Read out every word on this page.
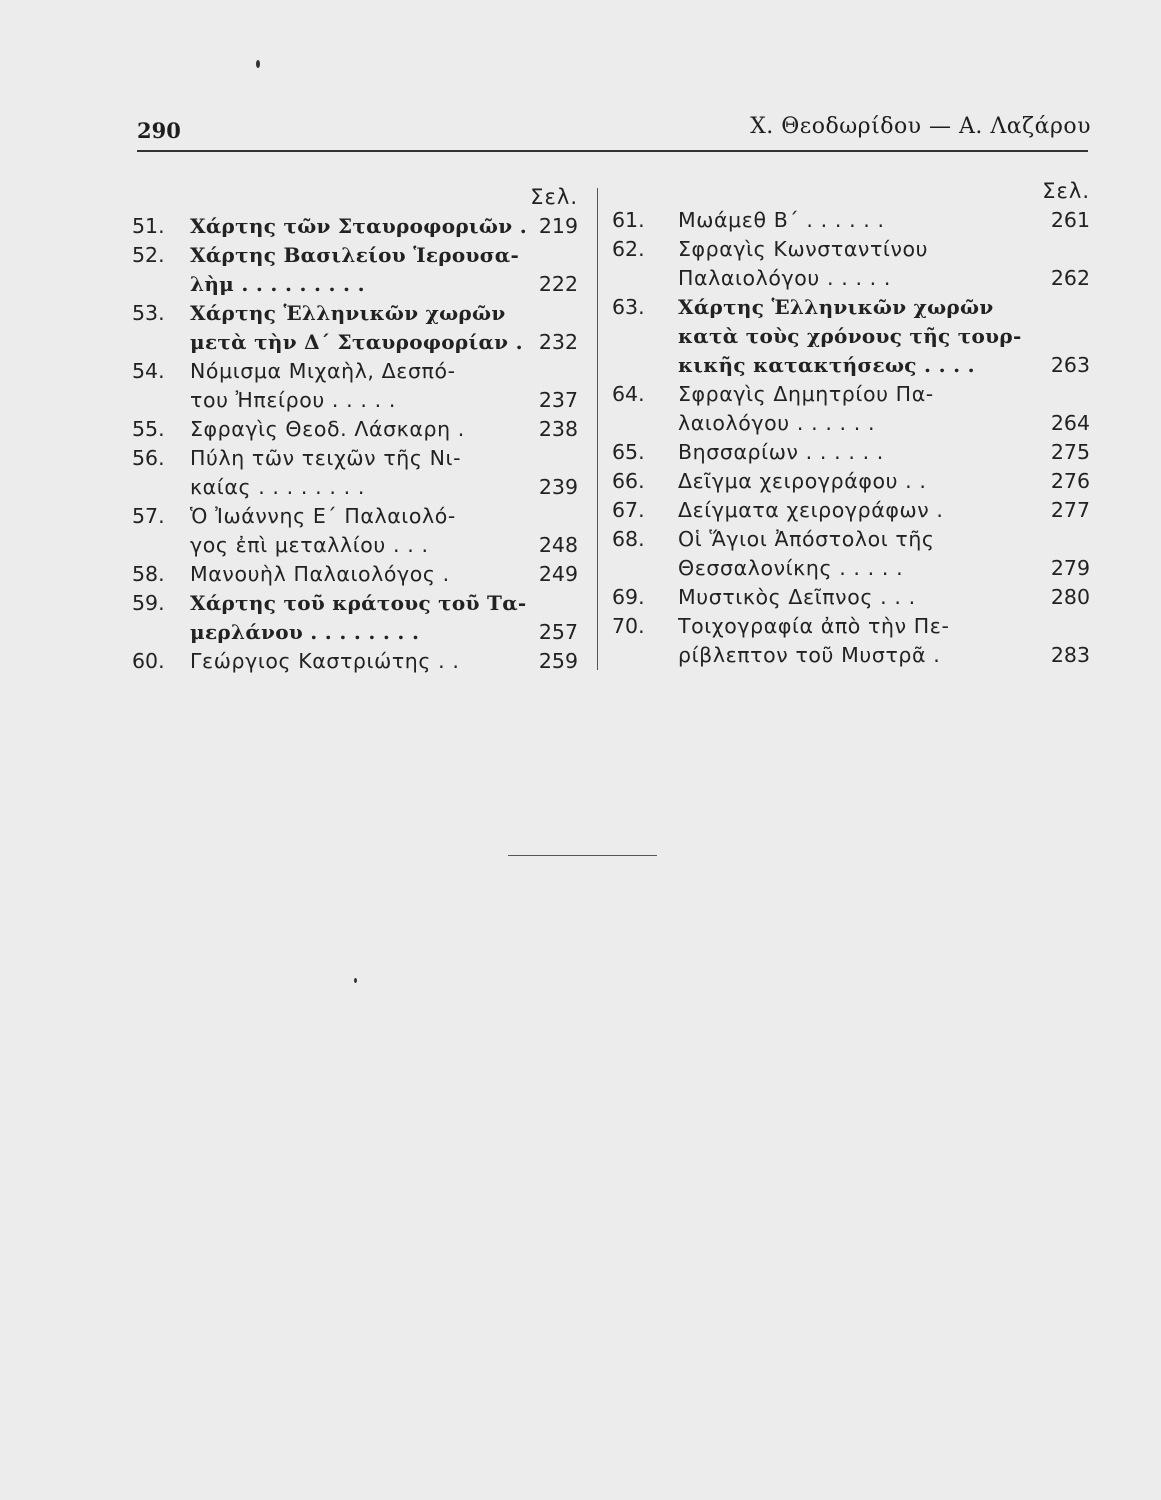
290	Χ. Θεοδωρίδου — Α. Λαζάρου
Σελ.
51. Χάρτης τῶν Σταυροφοριῶν . 219
52. Χάρτης Βασιλείου Ἱερουσα-
λὴμ . . . . . . . . .	222
53. Χάρτης Ἑλληνικῶν χωρῶν
μετὰ τὴν Δ΄ Σταυροφορίαν . 232
54. Νόμισμα Μιχαὴλ, Δεσπό-
του Ἠπείρου . . . . .	237
55. Σφραγὶς Θεοδ. Λάσκαρη .	238
56. Πύλη τῶν τειχῶν τῆς Νι-
καίας . . . . . . . .	239
57. Ὁ Ἰωάννης Ε΄ Παλαιολό-
γος ἐπὶ μεταλλίου . . .	248
58. Μανουὴλ Παλαιολόγος .	249
59. Χάρτης τοῦ κράτους τοῦ Τα-
μερλάνου . . . . . . . .	257
60. Γεώργιος Καστριώτης . .	259
Σελ.
61. Μωάμεθ Β΄ . . . . . .	261
62. Σφραγὶς Κωνσταντίνου
Παλαιολόγου . . . . .	262
63. Χάρτης Ἑλληνικῶν χωρῶν
κατὰ τοὺς χρόνους τῆς τουρ-
κικῆς κατακτήσεως . . . .	263
64. Σφραγὶς Δημητρίου Πα-
λαιολόγου . . . . . .	264
65. Βησσαρίων . . . . . .	275
66. Δεῖγμα χειρογράφου . .	276
67. Δείγματα χειρογράφων .	277
68. Οἱ Ἅγιοι Ἀπόστολοι τῆς
Θεσσαλονίκης . . . . .	279
69. Μυστικὸς Δεῖπνος . . .	280
70. Τοιχογραφία ἀπὸ τὴν Πε-
ρίβλεπτον τοῦ Μυστρᾶ .	283
